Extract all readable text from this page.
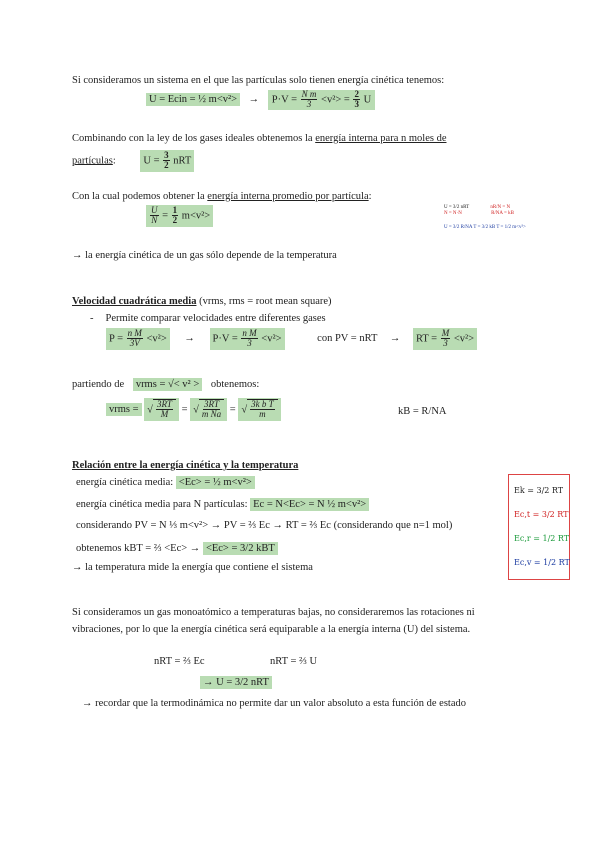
Si consideramos un sistema en el que las partículas solo tienen energía cinética tenemos:
U = Ecin = ½ $m<v^2> \to P\cdot V = \frac{\text{N m}}{3} <v^2> = \frac{2}{3}$ U
Combinando con la ley de los gases ideales obtenemos la energía interna para n moles de
partículas:	$U = \frac{3}{2}$ nRT
Con la cual podemos obtener la energía interna promedio por partícula:
$\frac{U}{N} = \frac{1}{2} m<v^2>$
→ la energía cinética de un gas sólo depende de la temperatura
U = 3/2 nRT	nR/N = N
N = N·N	R/NA = kB
U = 3/2 R/NA T = 3/2 kB T = 1/2 m<v²>
Velocidad cuadrática media (vrms, rms = root mean square)
- Permite comparar velocidades entre diferentes gases
$P = \frac{\text{n M}}{3V} <v^2> \to P\cdot V = \frac{\text{n M}}{3} <v^2>$	con PV = nRT → RT = $\frac{M}{3} <v^2>$
partiendo de vrms = √< v² > obtenemos:
vrms = √ $\frac{3RT}{M}$ = √ $\frac{3RT}{\text{m Na}}$ = √ $\frac{\text{3k b T}}{m}$	kB = R/NA
Relación entre la energía cinética y la temperatura
energía cinética media: <Ec> = ½ m<v²>
energía cinética media para N partículas: Ec = N<Ec> = N ½ m<v²>
considerando PV = N ⅓ m<v²> → PV = ⅔ Ec → RT = ⅔ Ec (considerando que n=1 mol)
obtenemos kBT = ⅔ <Ec> → <Ec> = 3/2 kBT
→ la temperatura mide la energía que contiene el sistema
Ek = 3/2 RT
Ec,t = 3/2 RT
Ec,r = 1/2 RT
Ec,v = 1/2 RT
Si consideramos un gas monoatómico a temperaturas bajas, no consideraremos las rotaciones ni
vibraciones, por lo que la energía cinética será equiparable a la energía interna (U) del sistema.
nRT = ⅔ Ec	nRT = ⅔ U
→ U = 3/2 nRT
→ recordar que la termodinámica no permite dar un valor absoluto a esta función de estado
